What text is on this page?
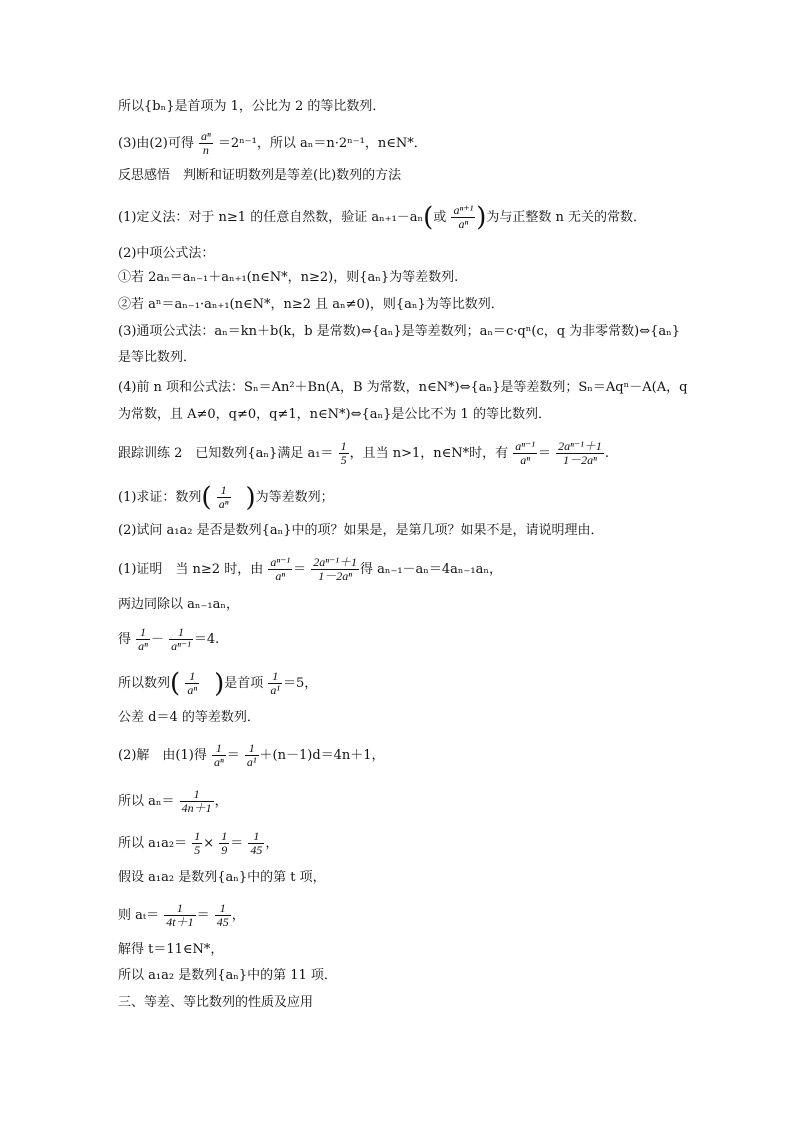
所以{bₙ}是首项为 1，公比为 2 的等比数列．
(3)由(2)可得 $\frac{\text{aⁿ}}{n} =2^{n-1}$，所以 aₙ＝n·2ⁿ⁻¹，n∈N*．
反思感悟　判断和证明数列是等差(比)数列的方法
(1)定义法：对于 n≥1 的任意自然数，验证 aₙ₊₁－aₙ(或 $\frac{\text{aⁿ⁺¹}}{\text{aⁿ}}$ )为与正整数 n 无关的常数．
(2)中项公式法：
①若 2aₙ＝aₙ₋₁＋aₙ₊₁(n∈N*，n≥2)，则{aₙ}为等差数列.
②若 aⁿ＝aₙ₋₁·aₙ₊₁(n∈N*，n≥2 且 aₙ≠0)，则{aₙ}为等比数列．
(3)通项公式法：aₙ＝kn＋b(k，b 是常数)⇔{aₙ}是等差数列；aₙ＝c·qⁿ(c，q 为非零常数)⇔{aₙ}
是等比数列．
(4)前 n 项和公式法：Sₙ＝An²＋Bn(A，B 为常数，n∈N*)⇔{aₙ}是等差数列；Sₙ＝Aqⁿ－A(A，q
为常数，且 A≠0，q≠0，q≠1，n∈N*)⇔{aₙ}是公比不为 1 的等比数列．
跟踪训练 2　已知数列{aₙ}满足 $a_1= \frac{1}{5}$ ，且当 n>1，n∈N*时，有 $\frac{\text{aⁿ⁻¹}}{\text{aⁿ}} = \frac{\text{2aⁿ⁻¹＋1}}{\text{1－2aⁿ}}$ .
(1)求证：数列( $\frac{1}{\text{aⁿ}}$ )为等差数列；
(2)试问 a₁a₂ 是否是数列{aₙ}中的项？如果是，是第几项？如果不是，请说明理由．
(1)证明　当 n≥2 时，由 $\frac{\text{aⁿ⁻¹}}{\text{aⁿ}} = \frac{\text{2aⁿ⁻¹＋1}}{\text{1－2aⁿ}}$ 得 aₙ₋₁－aₙ＝4aₙ₋₁aₙ，
两边同除以 aₙ₋₁aₙ，
得 $\frac{1}{\text{aⁿ}} - \frac{1}{\text{aⁿ⁻¹}} =4$.
所以数列( $\frac{1}{\text{aⁿ}}$ )是首项 $\frac{1}{\text{a¹}} =5$，
公差 d＝4 的等差数列．
(2)解　由(1)得 $\frac{1}{\text{aⁿ}} = \frac{1}{\text{a¹}} +(n-1)d=4n+1$，
所以 $a_n= \frac{1}{4n+1}$ ，
所以 $a_1a_2= \frac{1}{5} \times \frac{1}{9} = \frac{1}{45}$ ，
假设 a₁a₂ 是数列{aₙ}中的第 t 项，
则 $a_t= \frac{1}{4t+1} = \frac{1}{45}$ ，
解得 t＝11∈N*，
所以 a₁a₂ 是数列{aₙ}中的第 11 项．
三、等差、等比数列的性质及应用
